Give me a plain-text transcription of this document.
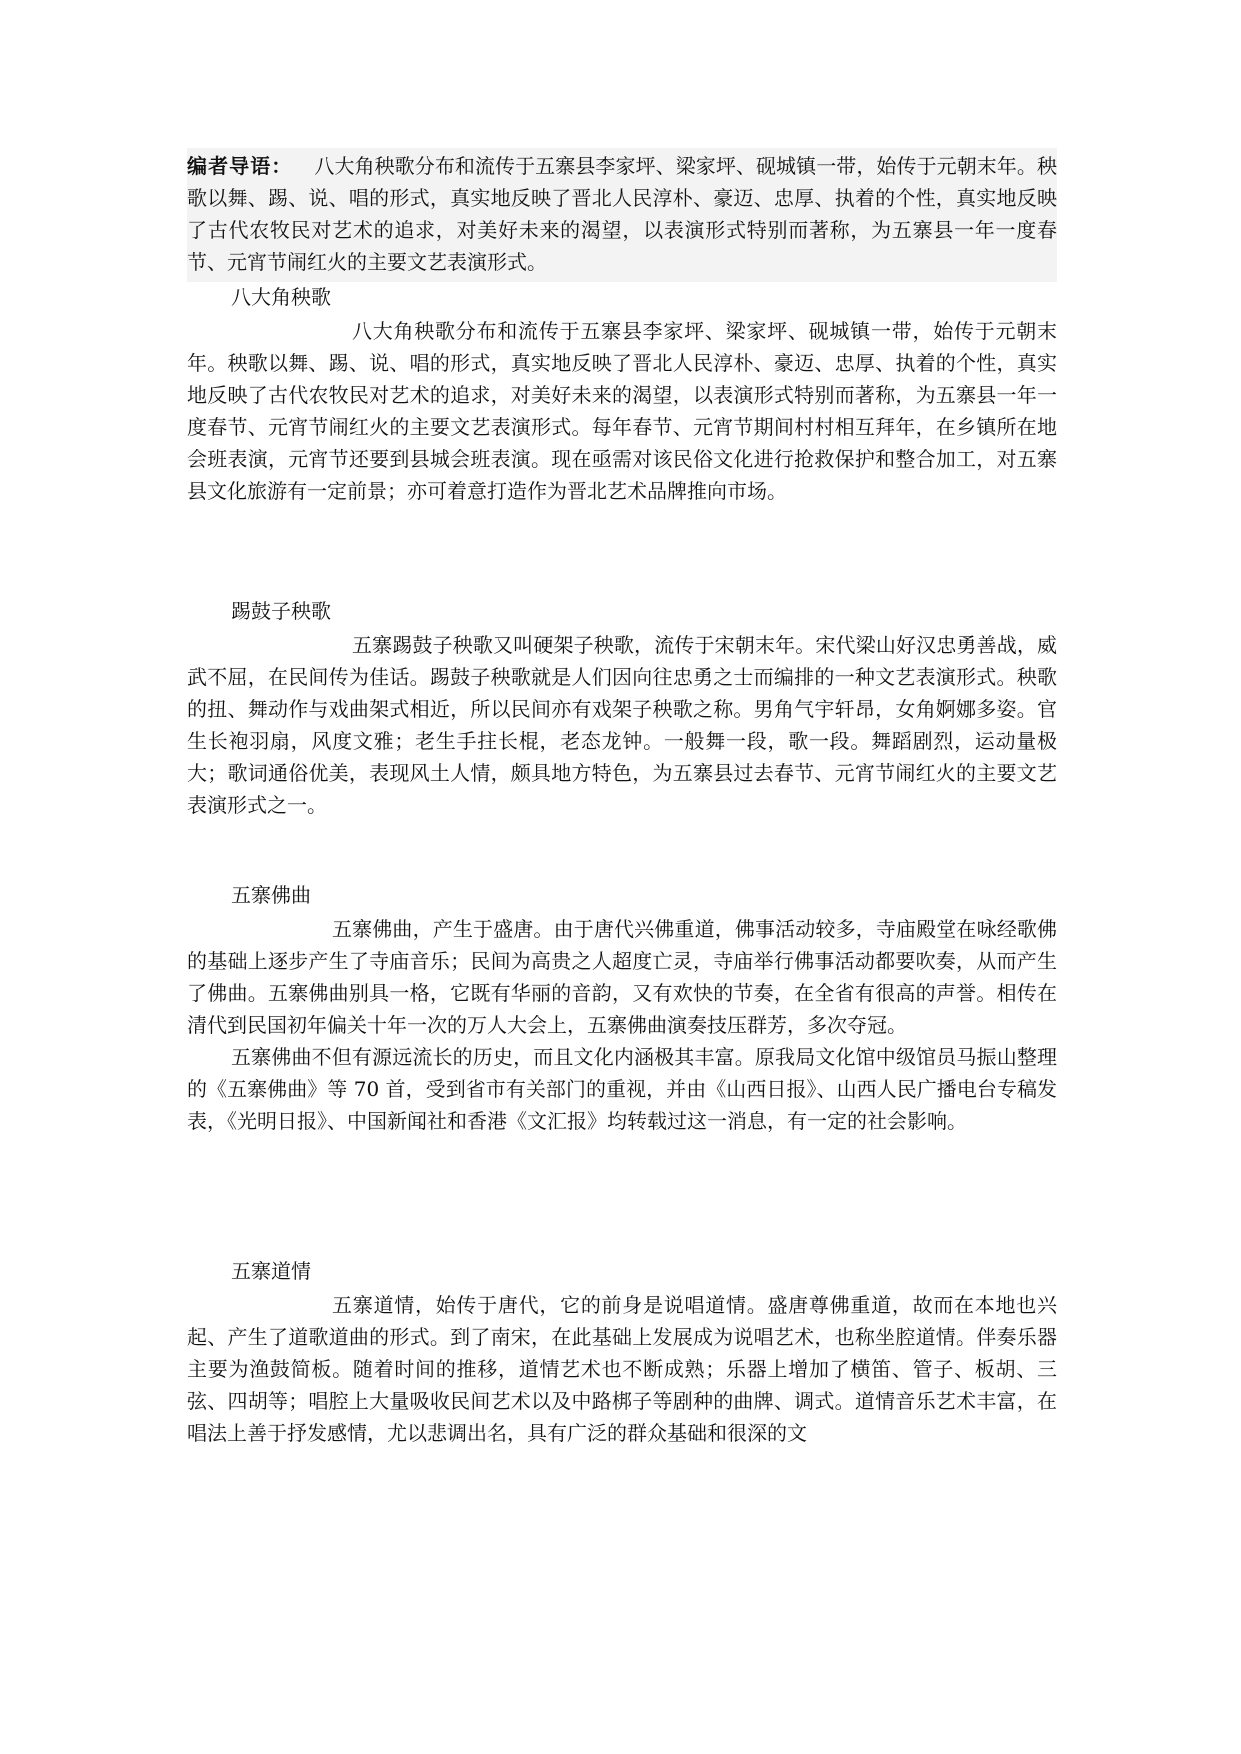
编者导语： 八大角秧歌分布和流传于五寨县李家坪、梁家坪、砚城镇一带，始传于元朝末年。秧歌以舞、踢、说、唱的形式，真实地反映了晋北人民淳朴、豪迈、忠厚、执着的个性，真实地反映了古代农牧民对艺术的追求，对美好未来的渴望，以表演形式特别而著称，为五寨县一年一度春节、元宵节闹红火的主要文艺表演形式。
八大角秧歌

八大角秧歌分布和流传于五寨县李家坪、梁家坪、砚城镇一带，始传于元朝末年。秧歌以舞、踢、说、唱的形式，真实地反映了晋北人民淳朴、豪迈、忠厚、执着的个性，真实地反映了古代农牧民对艺术的追求，对美好未来的渴望，以表演形式特别而著称，为五寨县一年一度春节、元宵节闹红火的主要文艺表演形式。每年春节、元宵节期间村村相互拜年，在乡镇所在地会班表演，元宵节还要到县城会班表演。现在亟需对该民俗文化进行抢救保护和整合加工，对五寨县文化旅游有一定前景；亦可着意打造作为晋北艺术品牌推向市场。

踢鼓子秧歌

五寨踢鼓子秧歌又叫硬架子秧歌，流传于宋朝末年。宋代梁山好汉忠勇善战，威武不屈，在民间传为佳话。踢鼓子秧歌就是人们因向往忠勇之士而编排的一种文艺表演形式。秧歌的扭、舞动作与戏曲架式相近，所以民间亦有戏架子秧歌之称。男角气宇轩昂，女角婀娜多姿。官生长袍羽扇，风度文雅；老生手拄长棍，老态龙钟。一般舞一段，歌一段。舞蹈剧烈，运动量极大；歌词通俗优美，表现风土人情，颇具地方特色，为五寨县过去春节、元宵节闹红火的主要文艺表演形式之一。

五寨佛曲

五寨佛曲，产生于盛唐。由于唐代兴佛重道，佛事活动较多，寺庙殿堂在咏经歌佛的基础上逐步产生了寺庙音乐；民间为高贵之人超度亡灵，寺庙举行佛事活动都要吹奏，从而产生了佛曲。五寨佛曲别具一格，它既有华丽的音韵，又有欢快的节奏，在全省有很高的声誉。相传在清代到民国初年偏关十年一次的万人大会上，五寨佛曲演奏技压群芳，多次夺冠。

五寨佛曲不但有源远流长的历史，而且文化内涵极其丰富。原我局文化馆中级馆员马振山整理的《五寨佛曲》等 70 首，受到省市有关部门的重视，并由《山西日报》、山西人民广播电台专稿发表，《光明日报》、中国新闻社和香港《文汇报》均转载过这一消息，有一定的社会影响。

五寨道情

五寨道情，始传于唐代，它的前身是说唱道情。盛唐尊佛重道，故而在本地也兴起、产生了道歌道曲的形式。到了南宋，在此基础上发展成为说唱艺术，也称坐腔道情。伴奏乐器主要为渔鼓简板。随着时间的推移，道情艺术也不断成熟；乐器上增加了横笛、管子、板胡、三弦、四胡等；唱腔上大量吸收民间艺术以及中路梆子等剧种的曲牌、调式。道情音乐艺术丰富，在唱法上善于抒发感情，尤以悲调出名，具有广泛的群众基础和很深的文
